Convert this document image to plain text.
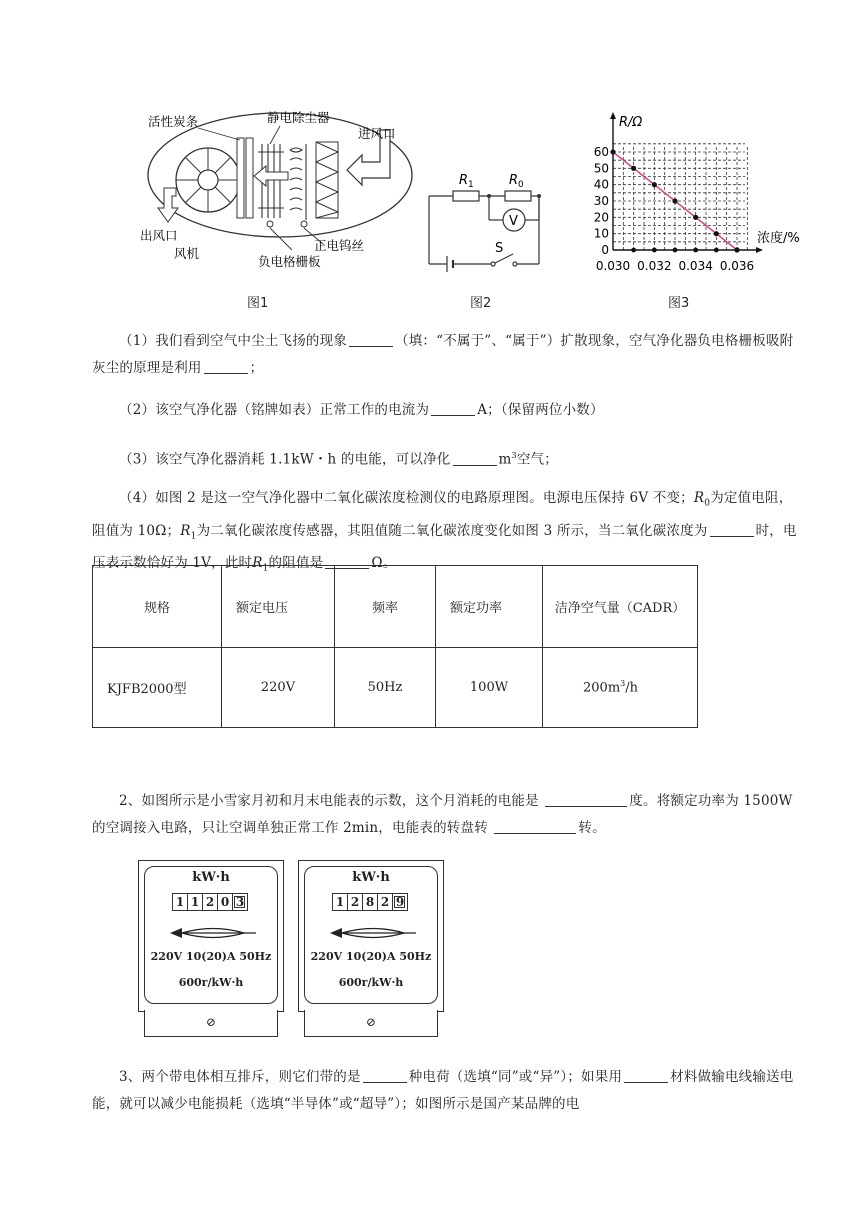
活性炭条	静电除尘器
进风口
出风口
风机
正电钨丝
负电格栅板
图1
$R_1$	$R_0$
V
S
图2
0
10
20
30
40
50
60
0.030 0.032 0.034 0.036
R/Ω
浓度/%
图3

（1）我们看到空气中尘土飞扬的现象	（填：“不属于”、“属于”）扩散现象，空气净化器负电格栅板吸附灰尘的原理是利用	；

（2）该空气净化器（铭牌如表）正常工作的电流为	A；（保留两位小数）

（3）该空气净化器消耗 1.1kW・h 的电能，可以净化	$m^3$空气；

（4）如图 2 是这一空气净化器中二氧化碳浓度检测仪的电路原理图。电源电压保持 6V 不变；$R_0$为定值电阻，阻值为 10Ω；$R_1$为二氧化碳浓度传感器，其阻值随二氧化碳浓度变化如图 3 所示，当二氧化碳浓度为	时，电压表示数恰好为 1V，此时$R_1$的阻值是	Ω。

规格	额定电压	频率	额定功率	洁净空气量（CADR）
KJFB2000型	220V	50Hz	100W	$200m^3/h$

2、如图所示是小雪家月初和月末电能表的示数，这个月消耗的电能是	度。将额定功率为 1500W 的空调接入电路，只让空调单独正常工作 2min，电能表的转盘转	转。

kW·h
1 1 2 0 3
220V 10(20)A 50Hz
600r/kW·h
⊘
kW·h
1 2 8 2 9
220V 10(20)A 50Hz
600r/kW·h
⊘

3、两个带电体相互排斥，则它们带的是	种电荷（选填“同”或“异”）；如果用	材料做输电线输送电能，就可以减少电能损耗（选填“半导体”或“超导”）；如图所示是国产某品牌的电
